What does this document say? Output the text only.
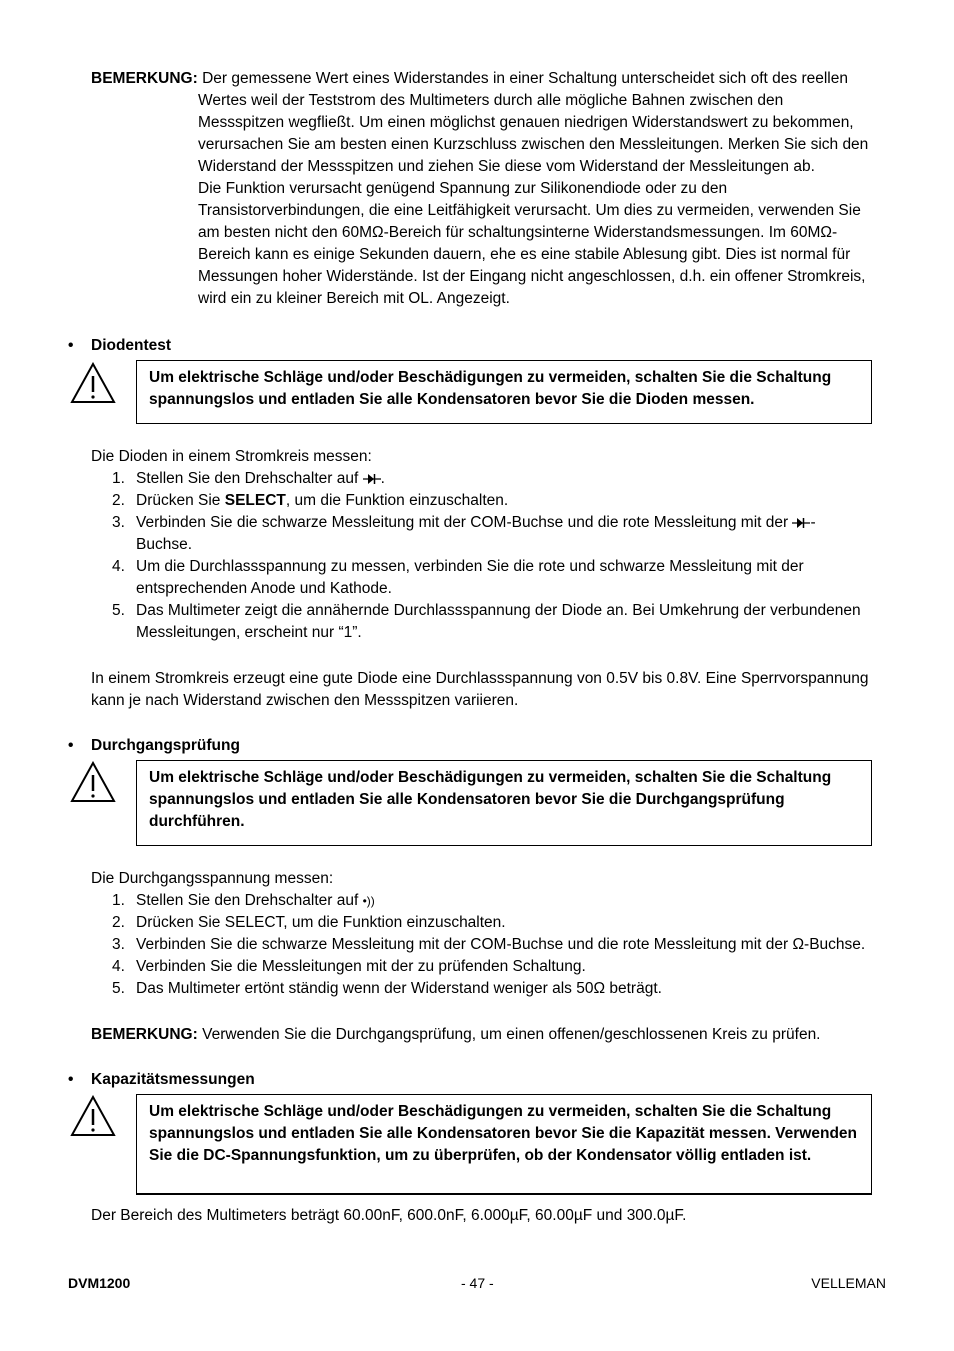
BEMERKUNG: Der gemessene Wert eines Widerstandes in einer Schaltung unterscheidet sich oft des reellen
Wertes weil der Teststrom des Multimeters durch alle mögliche Bahnen zwischen den
Messspitzen wegfließt. Um einen möglichst genauen niedrigen Widerstandswert zu bekommen,
verursachen Sie am besten einen Kurzschluss zwischen den Messleitungen. Merken Sie sich den
Widerstand der Messspitzen und ziehen Sie diese vom Widerstand der Messleitungen ab.
Die Funktion verursacht genügend Spannung zur Silikonendiode oder zu den
Transistorverbindungen, die eine Leitfähigkeit verursacht. Um dies zu vermeiden, verwenden Sie
am besten nicht den 60MΩ-Bereich für schaltungsinterne Widerstandsmessungen. Im 60MΩ-
Bereich kann es einige Sekunden dauern, ehe es eine stabile Ablesung gibt. Dies ist normal für
Messungen hoher Widerstände. Ist der Eingang nicht angeschlossen, d.h. ein offener Stromkreis,
wird ein zu kleiner Bereich mit OL. Angezeigt.
• Diodentest
Um elektrische Schläge und/oder Beschädigungen zu vermeiden, schalten Sie die Schaltung spannungslos und entladen Sie alle Kondensatoren bevor Sie die Dioden messen.
Die Dioden in einem Stromkreis messen:
1. Stellen Sie den Drehschalter auf .
2. Drücken Sie SELECT, um die Funktion einzuschalten.
3. Verbinden Sie die schwarze Messleitung mit der COM-Buchse und die rote Messleitung mit der -
Buchse.
4. Um die Durchlassspannung zu messen, verbinden Sie die rote und schwarze Messleitung mit der entsprechenden Anode und Kathode.
5. Das Multimeter zeigt die annähernde Durchlassspannung der Diode an. Bei Umkehrung der verbundenen Messleitungen, erscheint nur “1”.
In einem Stromkreis erzeugt eine gute Diode eine Durchlassspannung von 0.5V bis 0.8V. Eine Sperrvorspannung kann je nach Widerstand zwischen den Messspitzen variieren.
• Durchgangsprüfung
Um elektrische Schläge und/oder Beschädigungen zu vermeiden, schalten Sie die Schaltung spannungslos und entladen Sie alle Kondensatoren bevor Sie die Durchgangsprüfung durchführen.
Die Durchgangsspannung messen:
1. Stellen Sie den Drehschalter auf •))
2. Drücken Sie SELECT, um die Funktion einzuschalten.
3. Verbinden Sie die schwarze Messleitung mit der COM-Buchse und die rote Messleitung mit der Ω-Buchse.
4. Verbinden Sie die Messleitungen mit der zu prüfenden Schaltung.
5. Das Multimeter ertönt ständig wenn der Widerstand weniger als 50Ω beträgt.
BEMERKUNG: Verwenden Sie die Durchgangsprüfung, um einen offenen/geschlossenen Kreis zu prüfen.
• Kapazitätsmessungen
Um elektrische Schläge und/oder Beschädigungen zu vermeiden, schalten Sie die Schaltung spannungslos und entladen Sie alle Kondensatoren bevor Sie die Kapazität messen. Verwenden Sie die DC-Spannungsfunktion, um zu überprüfen, ob der Kondensator völlig entladen ist.
Der Bereich des Multimeters beträgt 60.00nF, 600.0nF, 6.000µF, 60.00µF und 300.0µF.
DVM1200	- 47 -	VELLEMAN
